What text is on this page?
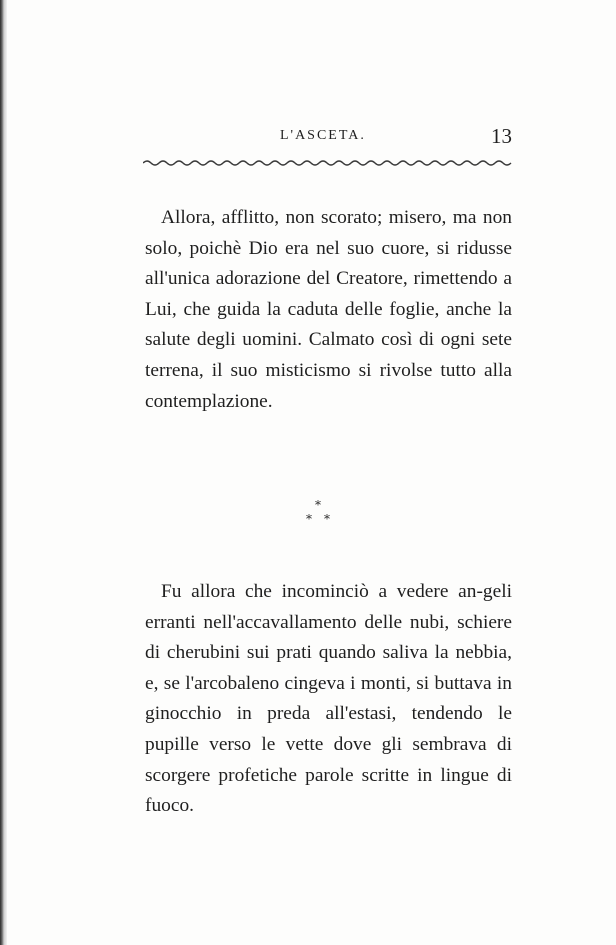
L'ASCETA.	13

Allora, afflitto, non scorato; misero, ma non solo, poichè Dio era nel suo cuore, si ridusse all'unica adorazione del Creatore, rimettendo a Lui, che guida la caduta delle foglie, anche la salute degli uomini. Calmato così di ogni sete terrena, il suo misticismo si rivolse tutto alla contemplazione.

*
* *

Fu allora che incominciò a vedere an-geli erranti nell'accavallamento delle nubi, schiere di cherubini sui prati quando saliva la nebbia, e, se l'arcobaleno cingeva i monti, si buttava in ginocchio in preda all'estasi, tendendo le pupille verso le vette dove gli sembrava di scorgere profetiche parole scritte in lingue di fuoco.
